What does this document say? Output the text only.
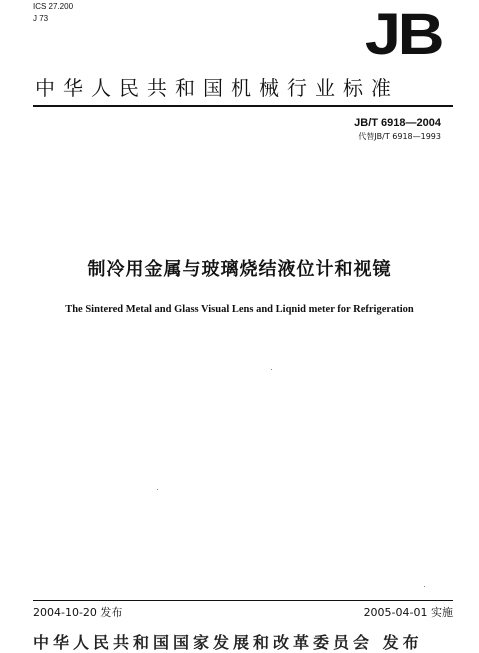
ICS 27.200
J 73	JB
中华人民共和国机械行业标准
JB/T 6918—2004
代替JB/T 6918—1993
制冷用金属与玻璃烧结液位计和视镜
The Sintered Metal and Glass Visual Lens and Liqnid meter for Refrigeration
2004-10-20 发布	2005-04-01 实施
中华人民共和国国家发展和改革委员会 发布
